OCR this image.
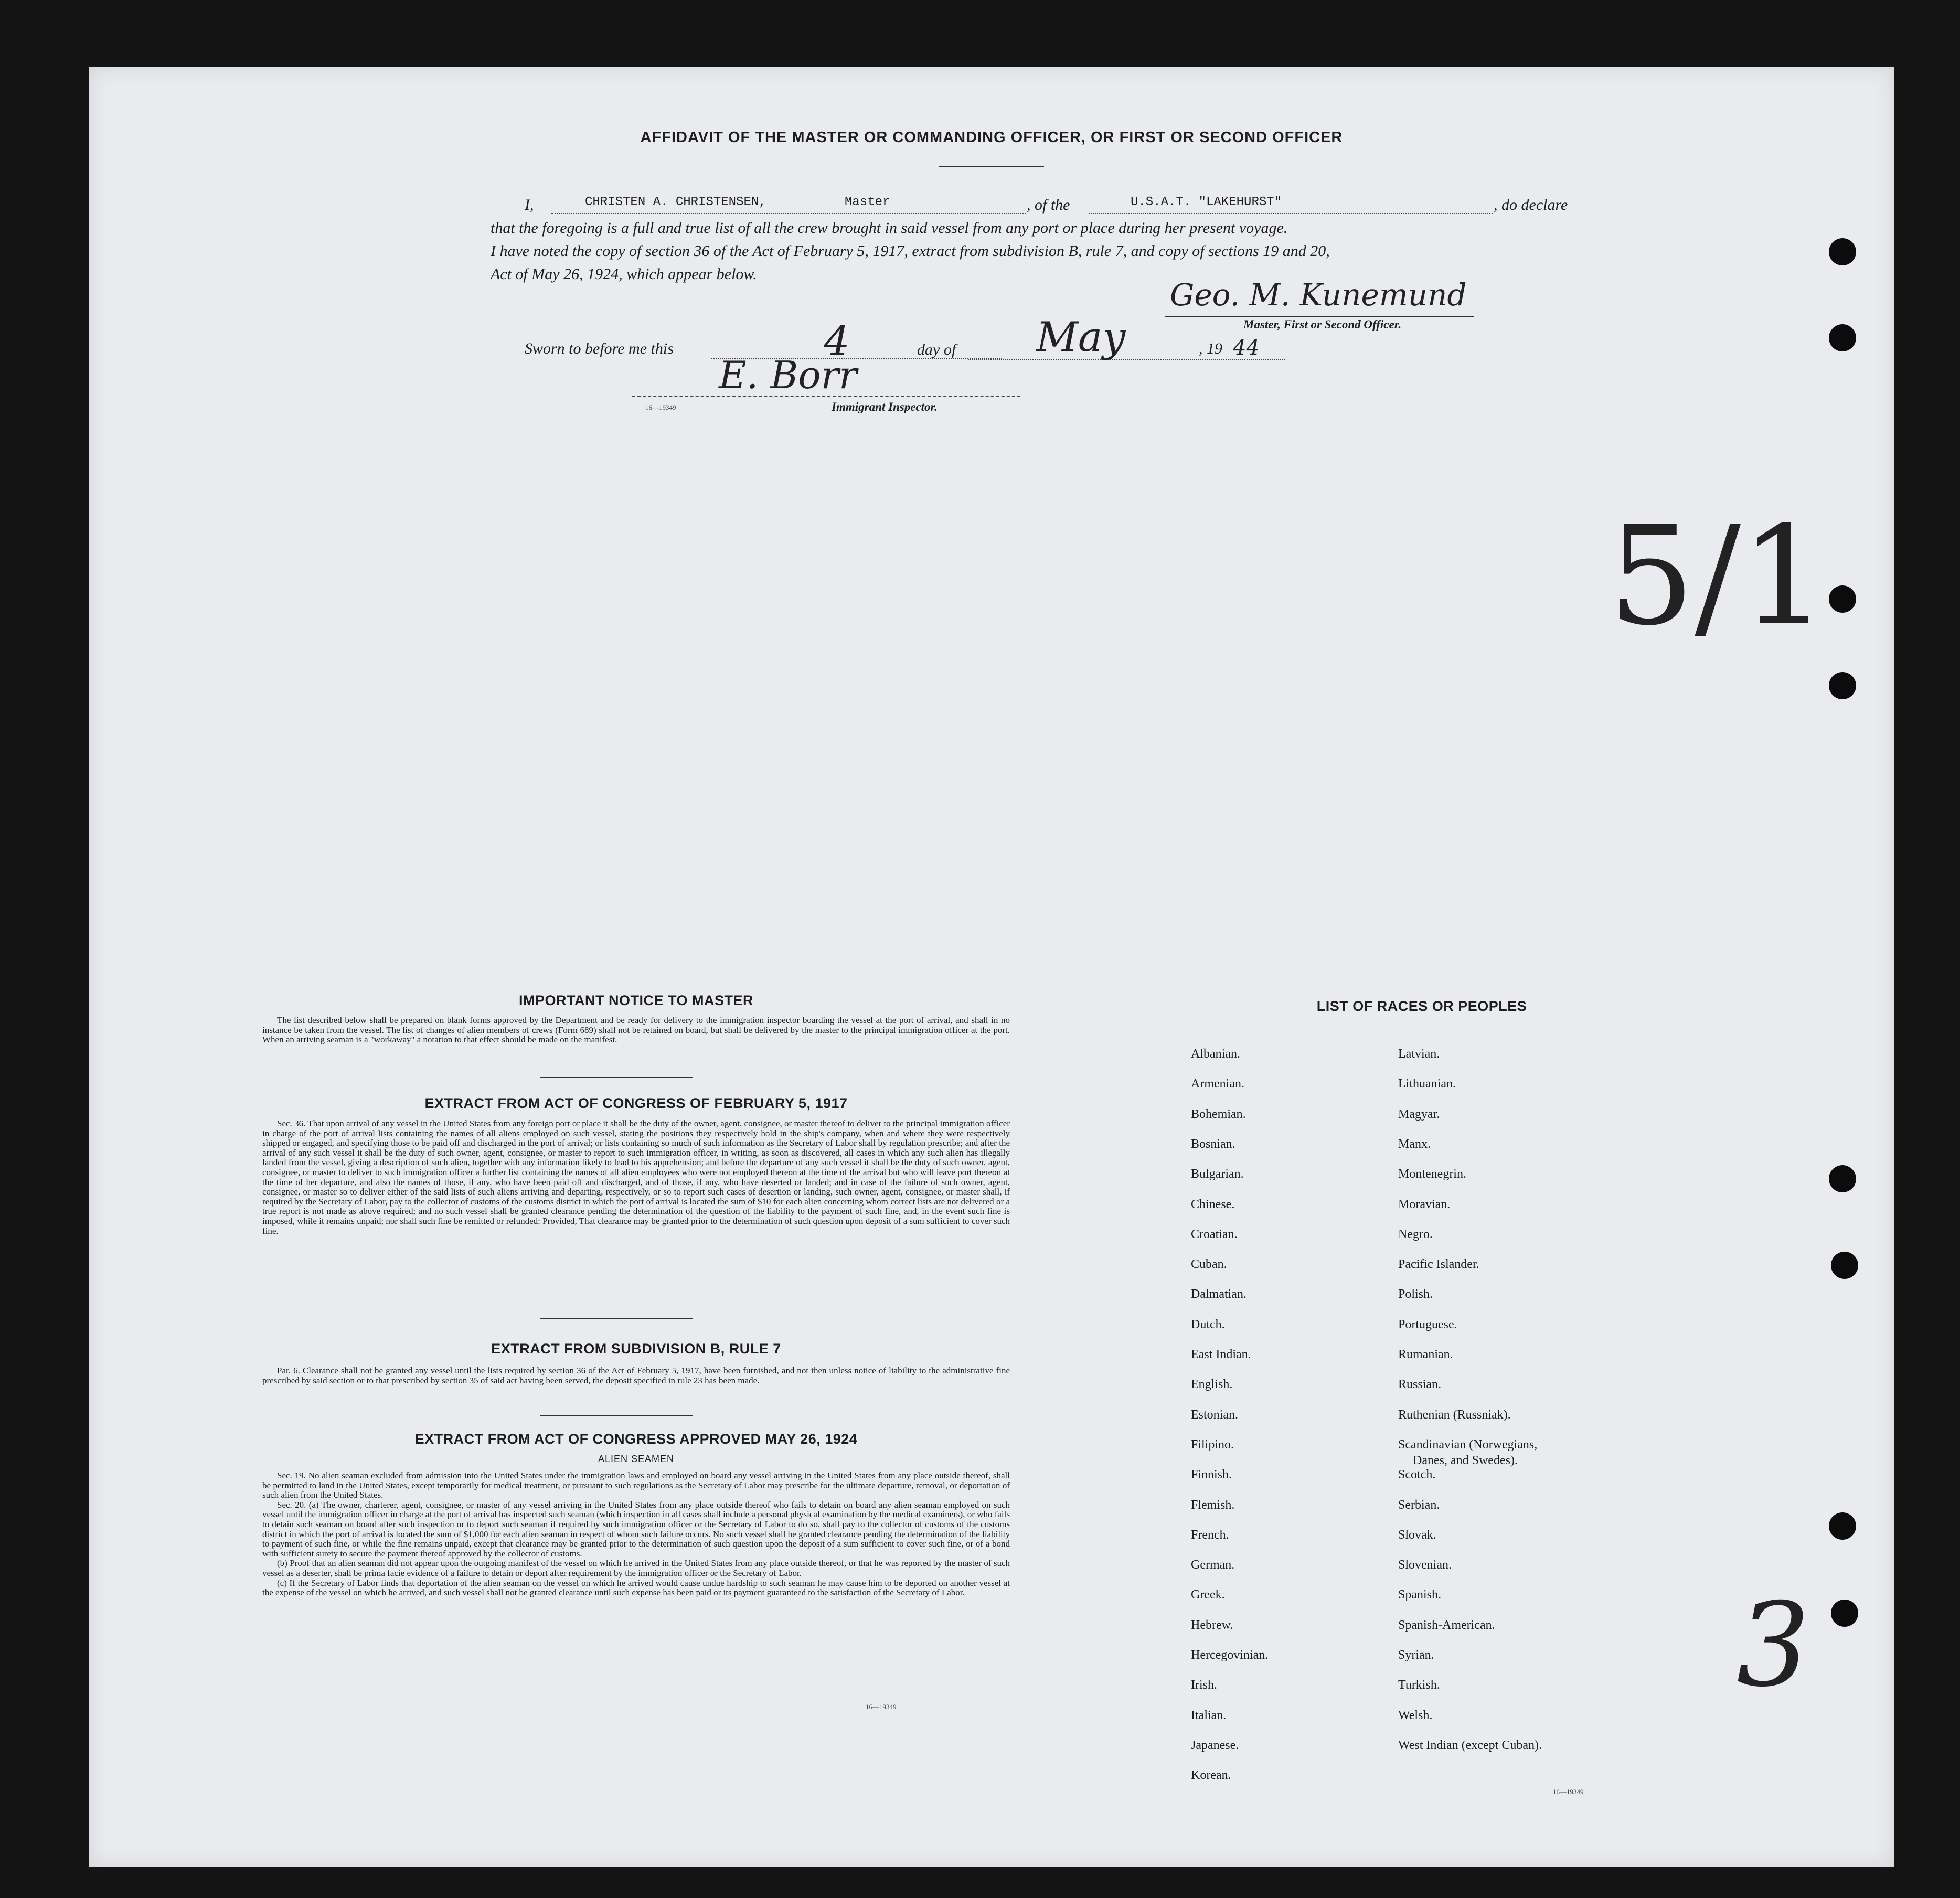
AFFIDAVIT OF THE MASTER OR COMMANDING OFFICER, OR FIRST OR SECOND OFFICER
I,	CHRISTEN A. CHRISTENSEN,	Master	, of the	U.S.A.T. "LAKEHURST"	, do declare
that the foregoing is a full and true list of all the crew brought in said vessel from any port or place during her present voyage.
I have noted the copy of section 36 of the Act of February 5, 1917, extract from subdivision B, rule 7, and copy of sections 19 and 20,
Act of May 26, 1924, which appear below.
Geo. M. Kunemund
Master, First or Second Officer.
Sworn to before me this	4	day of May	, 19 44
E. Borr
16—19349	Immigrant Inspector.
5/1
3
IMPORTANT NOTICE TO MASTER

The list described below shall be prepared on blank forms approved by the Department and be ready for delivery to the immigration inspector boarding the vessel at the port of arrival, and shall in no instance be taken from the vessel. The list of changes of alien members of crews (Form 689) shall not be retained on board, but shall be delivered by the master to the principal immigration officer at the port. When an arriving seaman is a "workaway" a notation to that effect should be made on the manifest.

EXTRACT FROM ACT OF CONGRESS OF FEBRUARY 5, 1917

Sec. 36. That upon arrival of any vessel in the United States from any foreign port or place it shall be the duty of the owner, agent, consignee, or master thereof to deliver to the principal immigration officer in charge of the port of arrival lists containing the names of all aliens employed on such vessel, stating the positions they respectively hold in the ship's company, when and where they were respectively shipped or engaged, and specifying those to be paid off and discharged in the port of arrival; or lists containing so much of such information as the Secretary of Labor shall by regulation prescribe; and after the arrival of any such vessel it shall be the duty of such owner, agent, consignee, or master to report to such immigration officer, in writing, as soon as discovered, all cases in which any such alien has illegally landed from the vessel, giving a description of such alien, together with any information likely to lead to his apprehension; and before the departure of any such vessel it shall be the duty of such owner, agent, consignee, or master to deliver to such immigration officer a further list containing the names of all alien employees who were not employed thereon at the time of the arrival but who will leave port thereon at the time of her departure, and also the names of those, if any, who have been paid off and discharged, and of those, if any, who have deserted or landed; and in case of the failure of such owner, agent, consignee, or master so to deliver either of the said lists of such aliens arriving and departing, respectively, or so to report such cases of desertion or landing, such owner, agent, consignee, or master shall, if required by the Secretary of Labor, pay to the collector of customs of the customs district in which the port of arrival is located the sum of $10 for each alien concerning whom correct lists are not delivered or a true report is not made as above required; and no such vessel shall be granted clearance pending the determination of the question of the liability to the payment of such fine, and, in the event such fine is imposed, while it remains unpaid; nor shall such fine be remitted or refunded: Provided, That clearance may be granted prior to the determination of such question upon deposit of a sum sufficient to cover such fine.

EXTRACT FROM SUBDIVISION B, RULE 7

Par. 6. Clearance shall not be granted any vessel until the lists required by section 36 of the Act of February 5, 1917, have been furnished, and not then unless notice of liability to the administrative fine prescribed by said section or to that prescribed by section 35 of said act having been served, the deposit specified in rule 23 has been made.

EXTRACT FROM ACT OF CONGRESS APPROVED MAY 26, 1924
ALIEN SEAMEN

Sec. 19. No alien seaman excluded from admission into the United States under the immigration laws and employed on board any vessel arriving in the United States from any place outside thereof, shall be permitted to land in the United States, except temporarily for medical treatment, or pursuant to such regulations as the Secretary of Labor may prescribe for the ultimate departure, removal, or deportation of such alien from the United States.

Sec. 20. (a) The owner, charterer, agent, consignee, or master of any vessel arriving in the United States from any place outside thereof who fails to detain on board any alien seaman employed on such vessel until the immigration officer in charge at the port of arrival has inspected such seaman (which inspection in all cases shall include a personal physical examination by the medical examiners), or who fails to detain such seaman on board after such inspection or to deport such seaman if required by such immigration officer or the Secretary of Labor to do so, shall pay to the collector of customs of the customs district in which the port of arrival is located the sum of $1,000 for each alien seaman in respect of whom such failure occurs. No such vessel shall be granted clearance pending the determination of the liability to payment of such fine, or while the fine remains unpaid, except that clearance may be granted prior to the determination of such question upon the deposit of a sum sufficient to cover such fine, or of a bond with sufficient surety to secure the payment thereof approved by the collector of customs.

(b) Proof that an alien seaman did not appear upon the outgoing manifest of the vessel on which he arrived in the United States from any place outside thereof, or that he was reported by the master of such vessel as a deserter, shall be prima facie evidence of a failure to detain or deport after requirement by the immigration officer or the Secretary of Labor.

(c) If the Secretary of Labor finds that deportation of the alien seaman on the vessel on which he arrived would cause undue hardship to such seaman he may cause him to be deported on another vessel at the expense of the vessel on which he arrived, and such vessel shall not be granted clearance until such expense has been paid or its payment guaranteed to the satisfaction of the Secretary of Labor.

16—19349
LIST OF RACES OR PEOPLES
16—19349
Albanian.
Armenian.
Bohemian.
Bosnian.
Bulgarian.
Chinese.
Croatian.
Cuban.
Dalmatian.
Dutch.
East Indian.
English.
Estonian.
Filipino.
Finnish.
Flemish.
French.
German.
Greek.
Hebrew.
Hercegovinian.
Irish.
Italian.
Japanese.
Korean.
Latvian.
Lithuanian.
Magyar.
Manx.
Montenegrin.
Moravian.
Negro.
Pacific Islander.
Polish.
Portuguese.
Rumanian.
Russian.
Ruthenian (Russniak).
Scandinavian (Norwegians,
Danes, and Swedes).
Scotch.
Serbian.
Slovak.
Slovenian.
Spanish.
Spanish-American.
Syrian.
Turkish.
Welsh.
West Indian (except Cuban).
